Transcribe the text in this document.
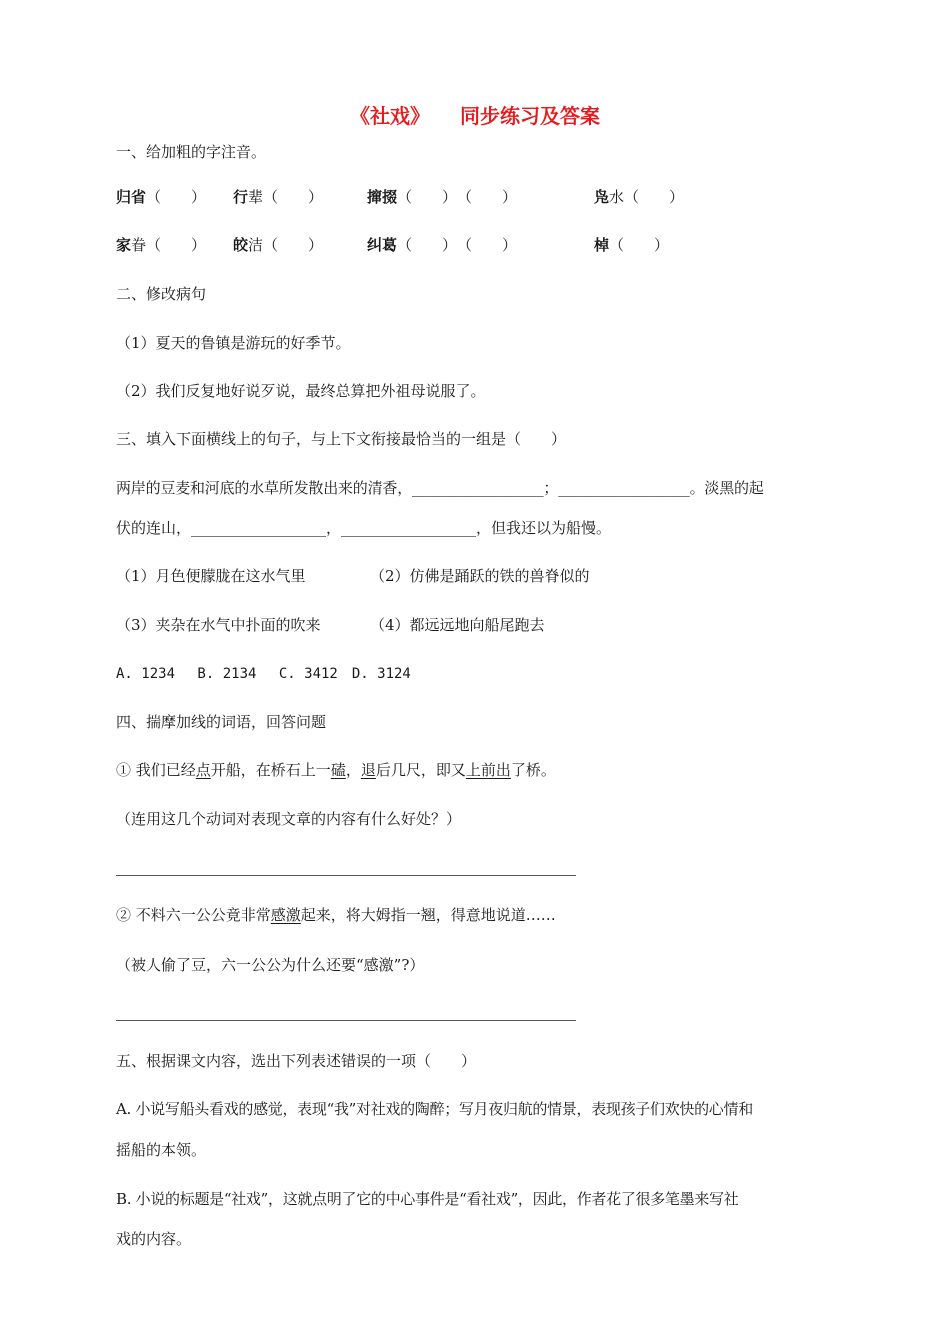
《社戏》 同步练习及答案
一、给加粗的字注音。
归省（　　） 行辈（　　）	撺掇（　　）　（　　）	凫水（　　）
家眷（　　） 皎洁（　　）	纠葛（　　）　（　　）	棹（　　）
二、修改病句
（1）夏天的鲁镇是游玩的好季节。
（2）我们反复地好说歹说，最终总算把外祖母说服了。
三、填入下面横线上的句子，与上下文衔接最恰当的一组是（　　）
两岸的豆麦和河底的水草所发散出来的清香，__________________；__________________。淡黑的起
伏的连山，__________________，__________________，但我还以为船慢。
（1）月色便朦胧在这水气里	（2）仿佛是踊跃的铁的兽脊似的
（3）夹杂在水气中扑面的吹来	（4）都远远地向船尾跑去
A. 1234　 B. 2134　 C. 3412　D. 3124
四、揣摩加线的词语，回答问题
① 我们已经点开船，在桥石上一磕，退后几尺，即又上前出了桥。
（连用这几个动词对表现文章的内容有什么好处？）
② 不料六一公公竟非常感激起来，将大姆指一翘，得意地说道……
（被人偷了豆，六一公公为什么还要“感激”?）
五、根据课文内容，选出下列表述错误的一项（　　）
A. 小说写船头看戏的感觉，表现“我”对社戏的陶醉；写月夜归航的情景，表现孩子们欢快的心情和
摇船的本领。
B. 小说的标题是“社戏”，这就点明了它的中心事件是“看社戏”，因此，作者花了很多笔墨来写社
戏的内容。
